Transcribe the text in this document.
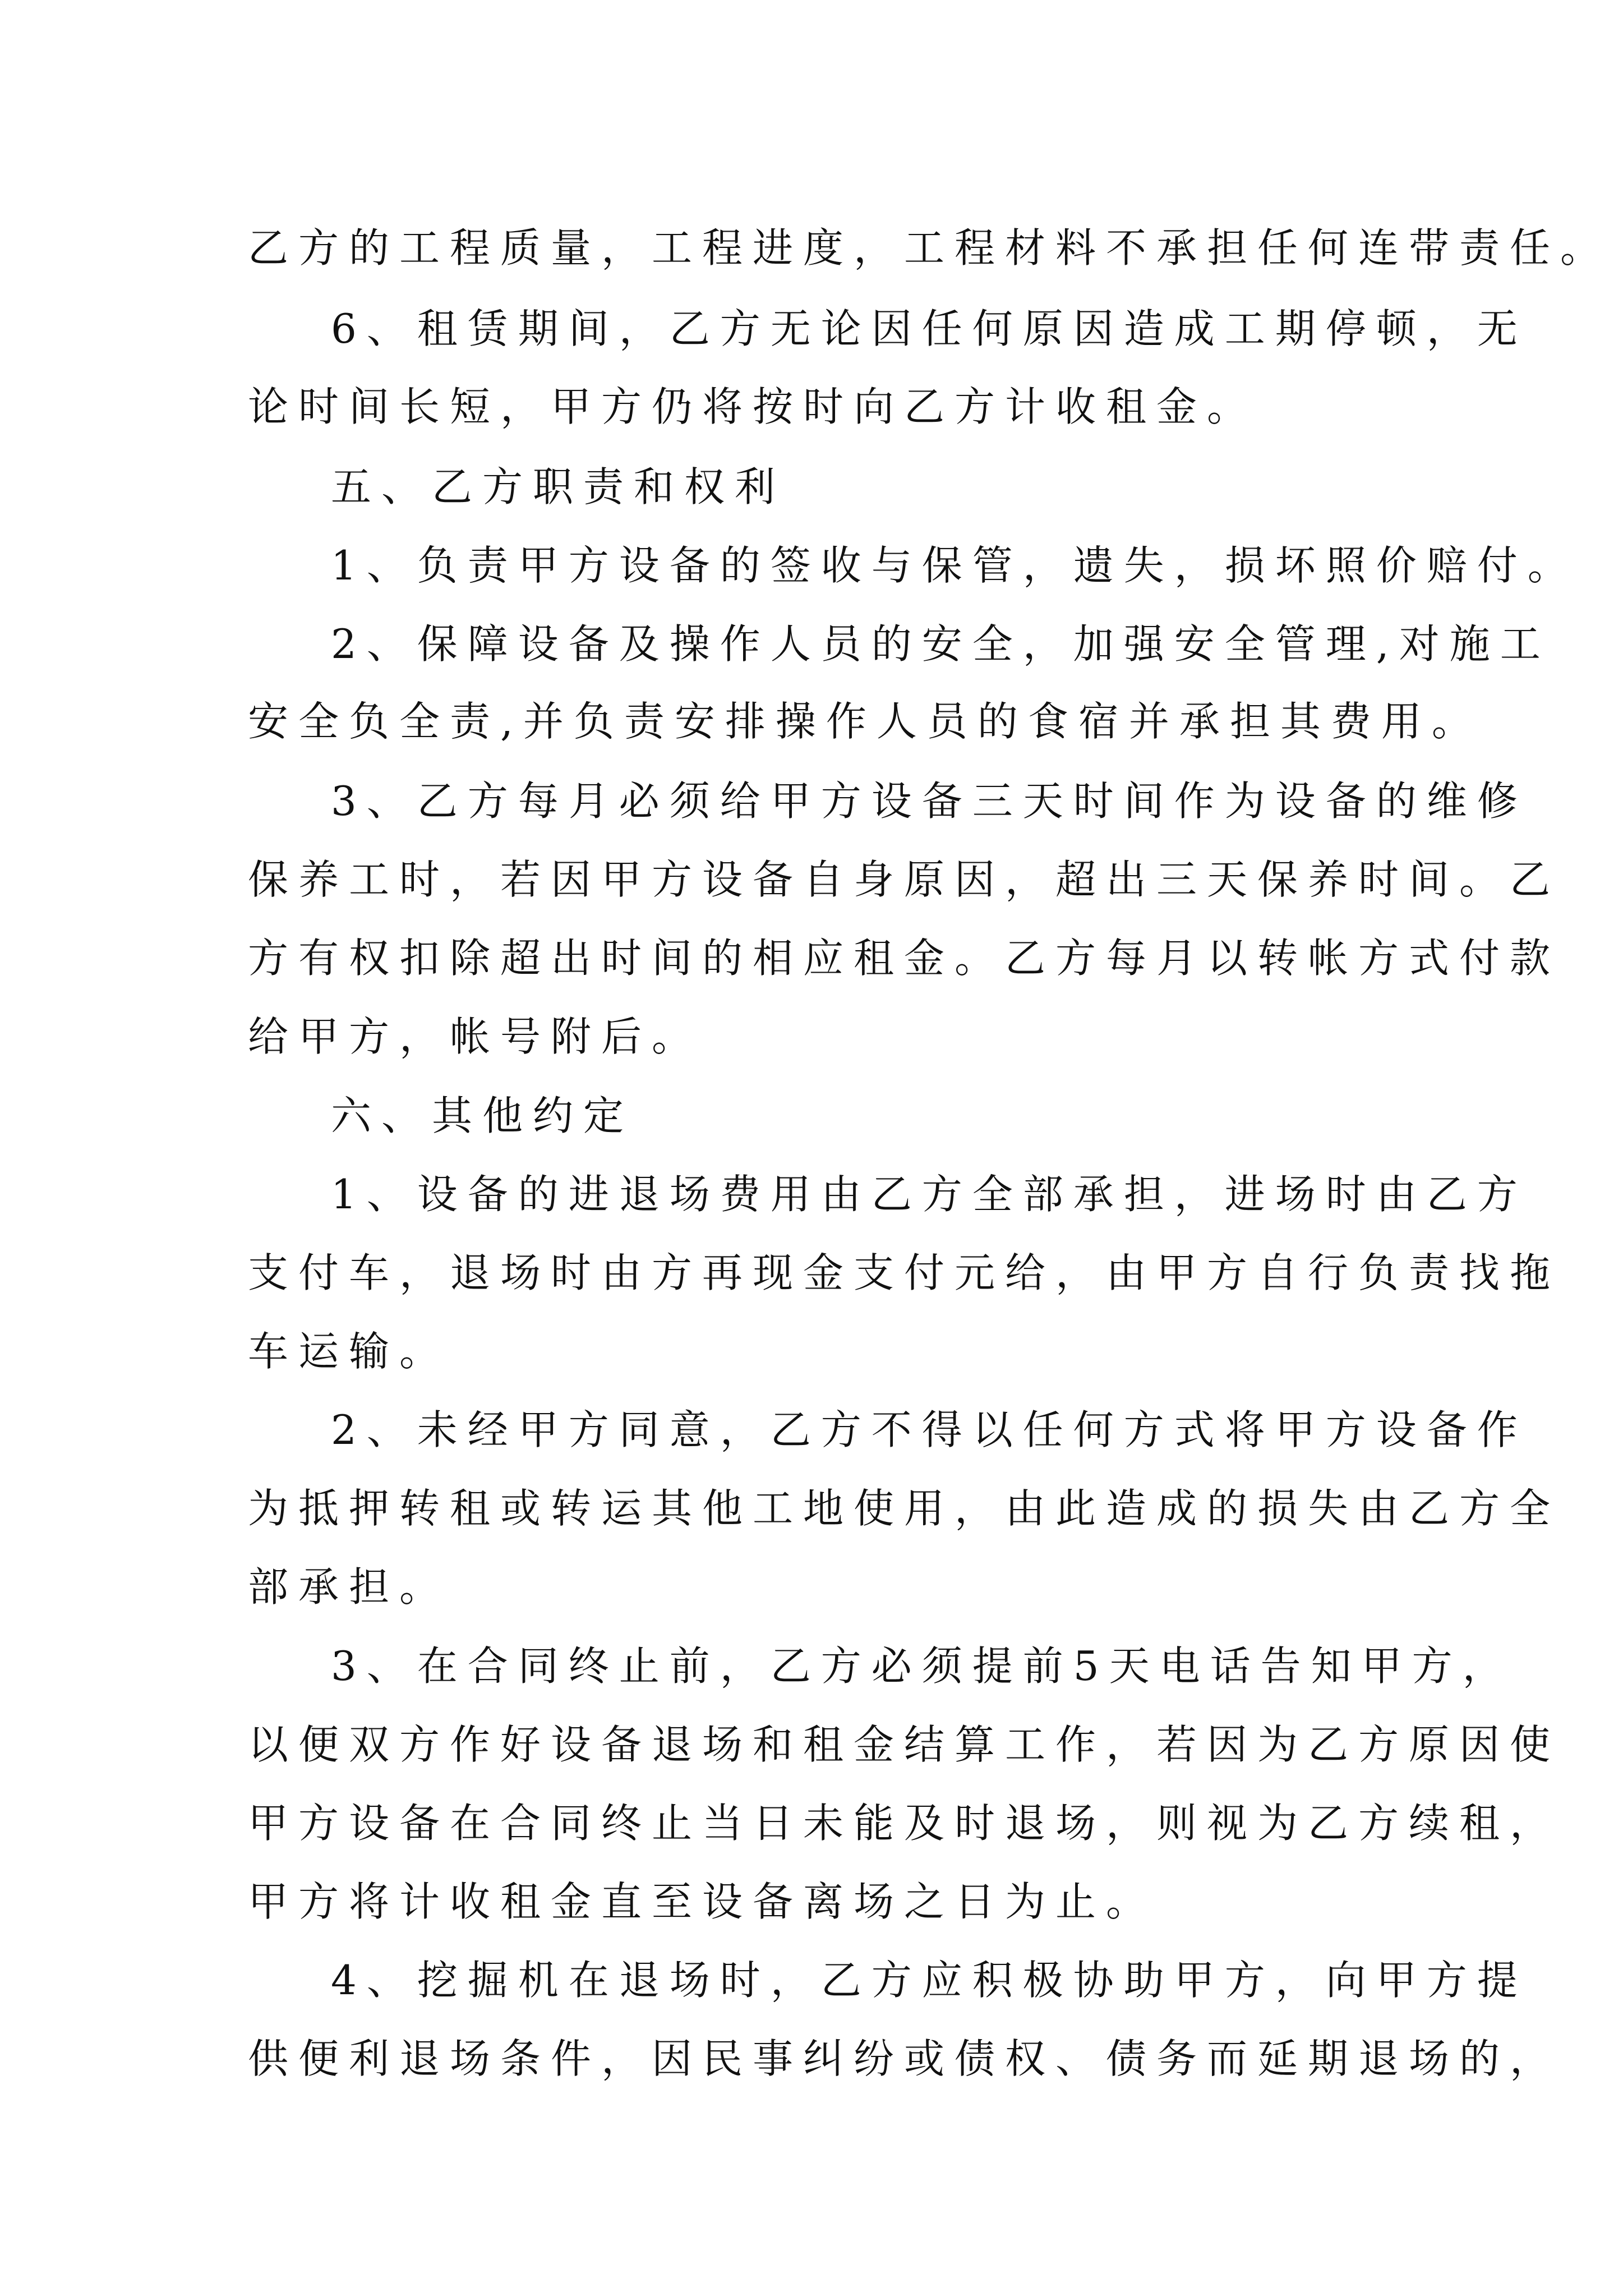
乙方的工程质量，工程进度，工程材料不承担任何连带责任。
6、租赁期间，乙方无论因任何原因造成工期停顿，无
论时间长短，甲方仍将按时向乙方计收租金。
五、乙方职责和权利
1、负责甲方设备的签收与保管，遗失，损坏照价赔付。
2、保障设备及操作人员的安全，加强安全管理,对施工
安全负全责,并负责安排操作人员的食宿并承担其费用。
3、乙方每月必须给甲方设备三天时间作为设备的维修
保养工时，若因甲方设备自身原因，超出三天保养时间。乙
方有权扣除超出时间的相应租金。乙方每月以转帐方式付款
给甲方，帐号附后。
六、其他约定
1、设备的进退场费用由乙方全部承担，进场时由乙方
支付车，退场时由方再现金支付元给，由甲方自行负责找拖
车运输。
2、未经甲方同意，乙方不得以任何方式将甲方设备作
为抵押转租或转运其他工地使用，由此造成的损失由乙方全
部承担。
3、在合同终止前，乙方必须提前5天电话告知甲方，
以便双方作好设备退场和租金结算工作，若因为乙方原因使
甲方设备在合同终止当日未能及时退场，则视为乙方续租，
甲方将计收租金直至设备离场之日为止。
4、挖掘机在退场时，乙方应积极协助甲方，向甲方提
供便利退场条件，因民事纠纷或债权、债务而延期退场的，
